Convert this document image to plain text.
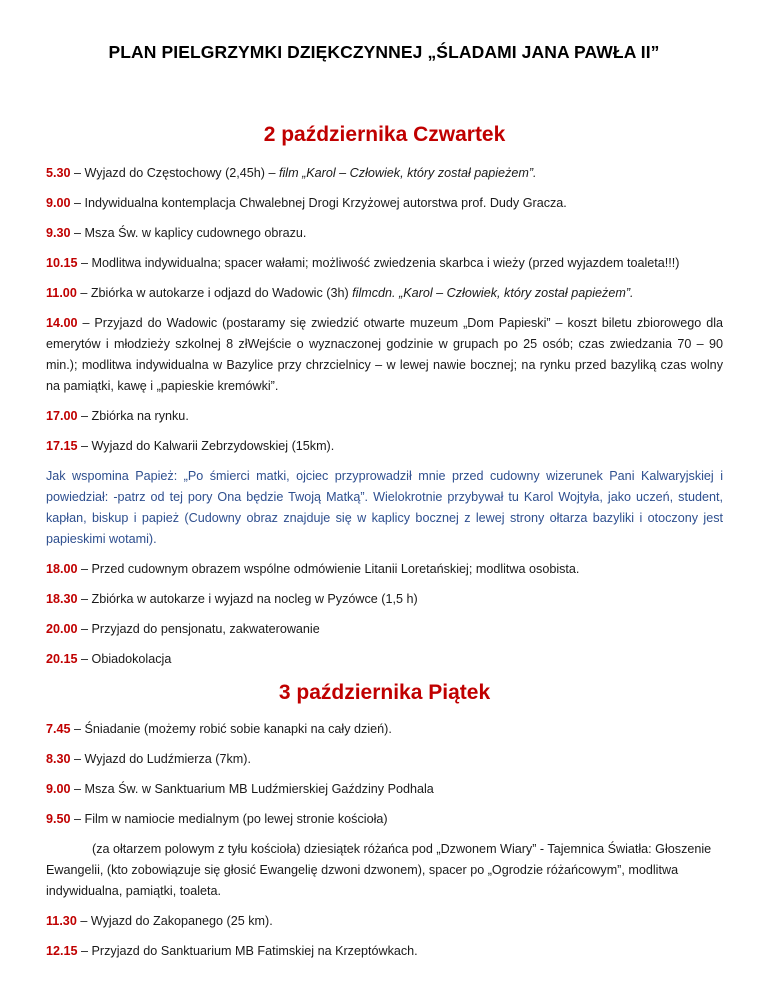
PLAN PIELGRZYMKI DZIĘKCZYNNEJ „ŚLADAMI JANA PAWŁA II”
2 października Czwartek

5.30 – Wyjazd do Częstochowy (2,45h) – film „Karol – Człowiek, który został papieżem”.

9.00 – Indywidualna kontemplacja Chwalebnej Drogi Krzyżowej autorstwa prof. Dudy Gracza.

9.30 – Msza Św. w kaplicy cudownego obrazu.

10.15 – Modlitwa indywidualna; spacer wałami; możliwość zwiedzenia skarbca i wieży (przed wyjazdem toaleta!!!)

11.00 – Zbiórka w autokarze i odjazd do Wadowic (3h) filmcdn. „Karol – Człowiek, który został papieżem”.

14.00 – Przyjazd do Wadowic (postaramy się zwiedzić otwarte muzeum „Dom Papieski” – koszt biletu zbiorowego dla emerytów i młodzieży szkolnej 8 złWejście o wyznaczonej godzinie w grupach po 25 osób; czas zwiedzania 70 – 90 min.); modlitwa indywidualna w Bazylice przy chrzcielnicy – w lewej nawie bocznej; na rynku przed bazyliką czas wolny na pamiątki, kawę i „papieskie kremówki”.

17.00 – Zbiórka na rynku.

17.15 – Wyjazd do Kalwarii Zebrzydowskiej (15km).

Jak wspomina Papież: „Po śmierci matki, ojciec przyprowadził mnie przed cudowny wizerunek Pani Kalwaryjskiej i powiedział: -patrz od tej pory Ona będzie Twoją Matką”. Wielokrotnie przybywał tu Karol Wojtyła, jako uczeń, student, kapłan, biskup i papież (Cudowny obraz znajduje się w kaplicy bocznej z lewej strony ołtarza bazyliki i otoczony jest papieskimi wotami).

18.00 – Przed cudownym obrazem wspólne odmówienie Litanii Loretańskiej; modlitwa osobista.

18.30 – Zbiórka w autokarze i wyjazd na nocleg w Pyzówce (1,5 h)

20.00 – Przyjazd do pensjonatu, zakwaterowanie

20.15 – Obiadokolacja

3 października Piątek

7.45 – Śniadanie (możemy robić sobie kanapki na cały dzień).

8.30 – Wyjazd do Ludźmierza (7km).

9.00 – Msza Św. w Sanktuarium MB Ludźmierskiej Gaździny Podhala

9.50 – Film w namiocie medialnym (po lewej stronie kościoła)

(za ołtarzem polowym z tyłu kościoła) dziesiątek różańca pod „Dzwonem Wiary” - Tajemnica Światła: Głoszenie Ewangelii, (kto zobowiązuje się głosić Ewangelię dzwoni dzwonem), spacer po „Ogrodzie różańcowym”, modlitwa indywidualna, pamiątki, toaleta.

11.30 – Wyjazd do Zakopanego (25 km).

12.15 – Przyjazd do Sanktuarium MB Fatimskiej na Krzeptówkach.
